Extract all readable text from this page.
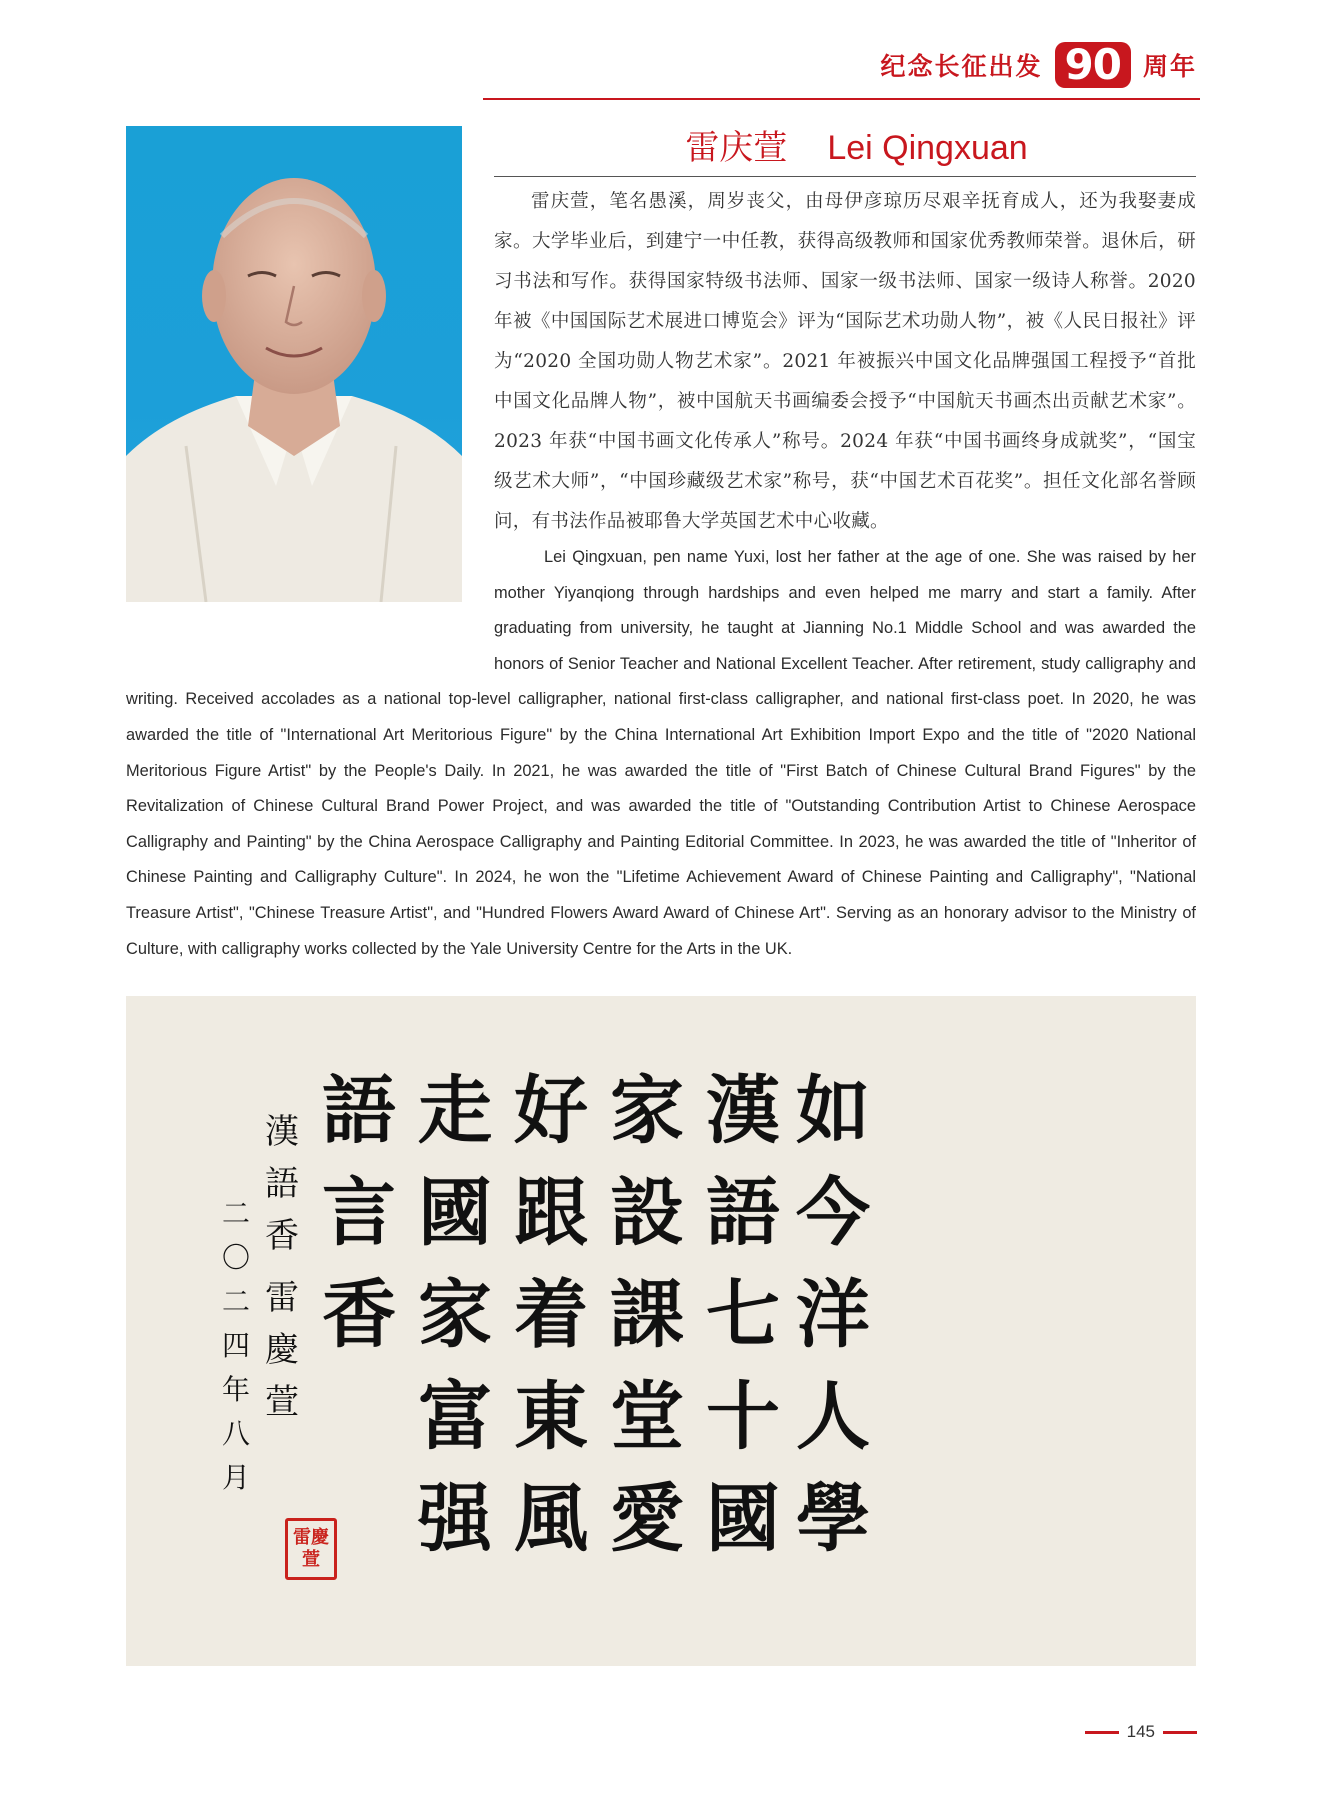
纪念长征出发 90 周年
雷庆萱 Lei Qingxuan
雷庆萱，笔名愚溪，周岁丧父，由母伊彦琼历尽艰辛抚育成人，还为我娶妻成家。大学毕业后，到建宁一中任教，获得高级教师和国家优秀教师荣誉。退休后，研习书法和写作。获得国家特级书法师、国家一级书法师、国家一级诗人称誉。2020 年被《中国国际艺术展进口博览会》评为“国际艺术功勋人物”，被《人民日报社》评为“2020 全国功勋人物艺术家”。2021 年被振兴中国文化品牌强国工程授予“首批中国文化品牌人物”，被中国航天书画编委会授予“中国航天书画杰出贡献艺术家”。2023 年获“中国书画文化传承人”称号。2024 年获“中国书画终身成就奖”，“国宝级艺术大师”，“中国珍藏级艺术家”称号，获“中国艺术百花奖”。担任文化部名誉顾问，有书法作品被耶鲁大学英国艺术中心收藏。

Lei Qingxuan, pen name Yuxi, lost her father at the age of one. She was raised by her mother Yiyanqiong through hardships and even helped me marry and start a family. After graduating from university, he taught at Jianning No.1 Middle School and was awarded the honors of Senior Teacher and National Excellent Teacher. After retirement, study calligraphy and writing. Received accolades as a national top-level calligrapher, national first-class calligrapher, and national first-class poet. In 2020, he was awarded the title of "International Art Meritorious Figure" by the China International Art Exhibition Import Expo and the title of "2020 National Meritorious Figure Artist" by the People's Daily. In 2021, he was awarded the title of "First Batch of Chinese Cultural Brand Figures" by the Revitalization of Chinese Cultural Brand Power Project, and was awarded the title of "Outstanding Contribution Artist to Chinese Aerospace Calligraphy and Painting" by the China Aerospace Calligraphy and Painting Editorial Committee. In 2023, he was awarded the title of "Inheritor of Chinese Painting and Calligraphy Culture". In 2024, he won the "Lifetime Achievement Award of Chinese Painting and Calligraphy", "National Treasure Artist", "Chinese Treasure Artist", and "Hundred Flowers Award Award of Chinese Art". Serving as an honorary advisor to the Ministry of Culture, with calligraphy works collected by the Yale University Centre for the Arts in the UK.

如
今
洋
人
學
漢
語
七
十
國
家
設
課
堂
愛
好
跟
着
東
風
走
國
家
富
强
語
言
香
漢語香
雷慶萱
二〇二四年八月
雷慶萱
145
